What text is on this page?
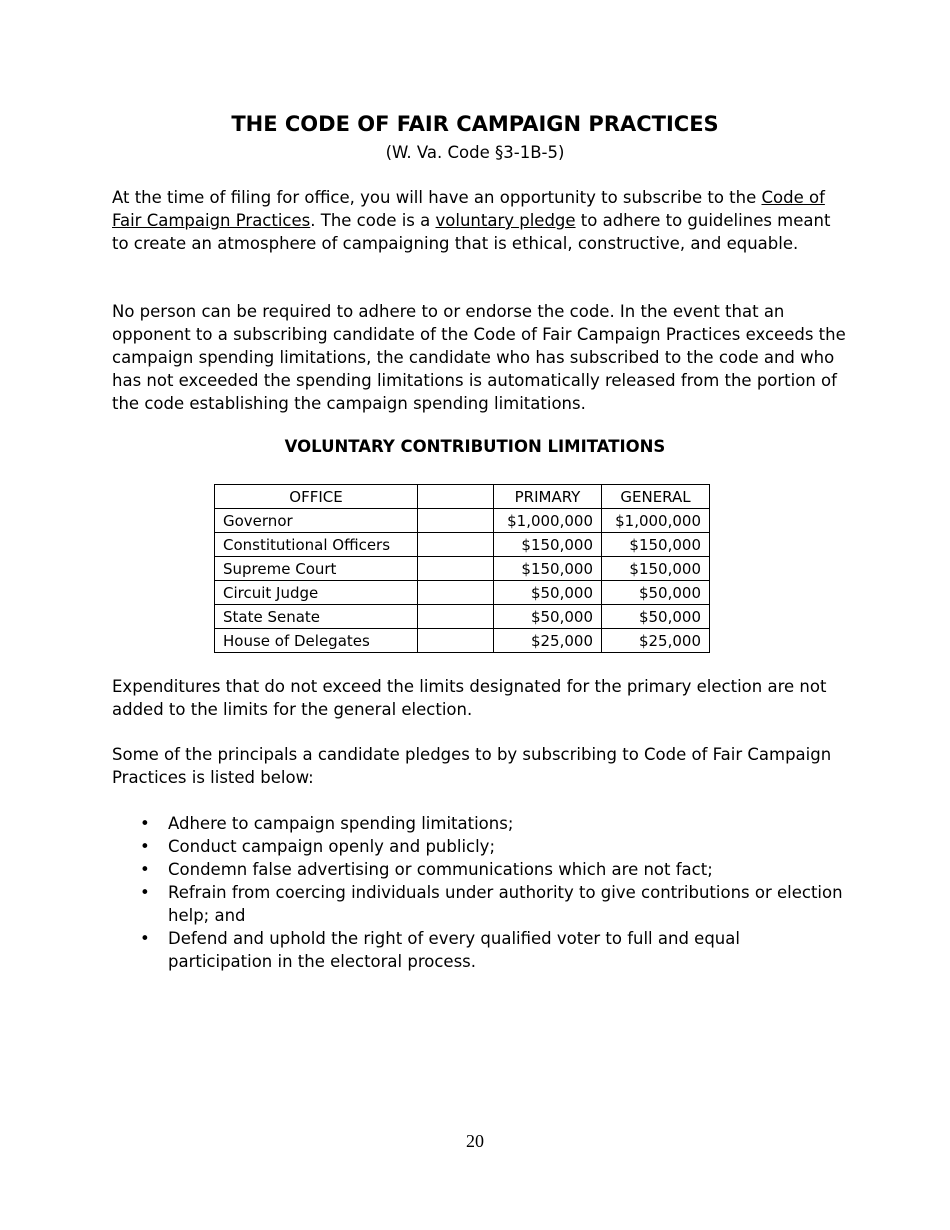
THE CODE OF FAIR CAMPAIGN PRACTICES
(W. Va. Code §3-1B-5)

At the time of filing for office, you will have an opportunity to subscribe to the Code of Fair Campaign Practices. The code is a voluntary pledge to adhere to guidelines meant to create an atmosphere of campaigning that is ethical, constructive, and equable.

No person can be required to adhere to or endorse the code. In the event that an opponent to a subscribing candidate of the Code of Fair Campaign Practices exceeds the campaign spending limitations, the candidate who has subscribed to the code and who has not exceeded the spending limitations is automatically released from the portion of the code establishing the campaign spending limitations.

VOLUNTARY CONTRIBUTION LIMITATIONS
OFFICE		PRIMARY	GENERAL
Governor		$1,000,000	$1,000,000
Constitutional Officers		$150,000	$150,000
Supreme Court		$150,000	$150,000
Circuit Judge		$50,000	$50,000
State Senate		$50,000	$50,000
House of Delegates		$25,000	$25,000

Expenditures that do not exceed the limits designated for the primary election are not added to the limits for the general election.

Some of the principals a candidate pledges to by subscribing to Code of Fair Campaign Practices is listed below:

• Adhere to campaign spending limitations;
• Conduct campaign openly and publicly;
• Condemn false advertising or communications which are not fact;
• Refrain from coercing individuals under authority to give contributions or election help; and
• Defend and uphold the right of every qualified voter to full and equal participation in the electoral process.
20
